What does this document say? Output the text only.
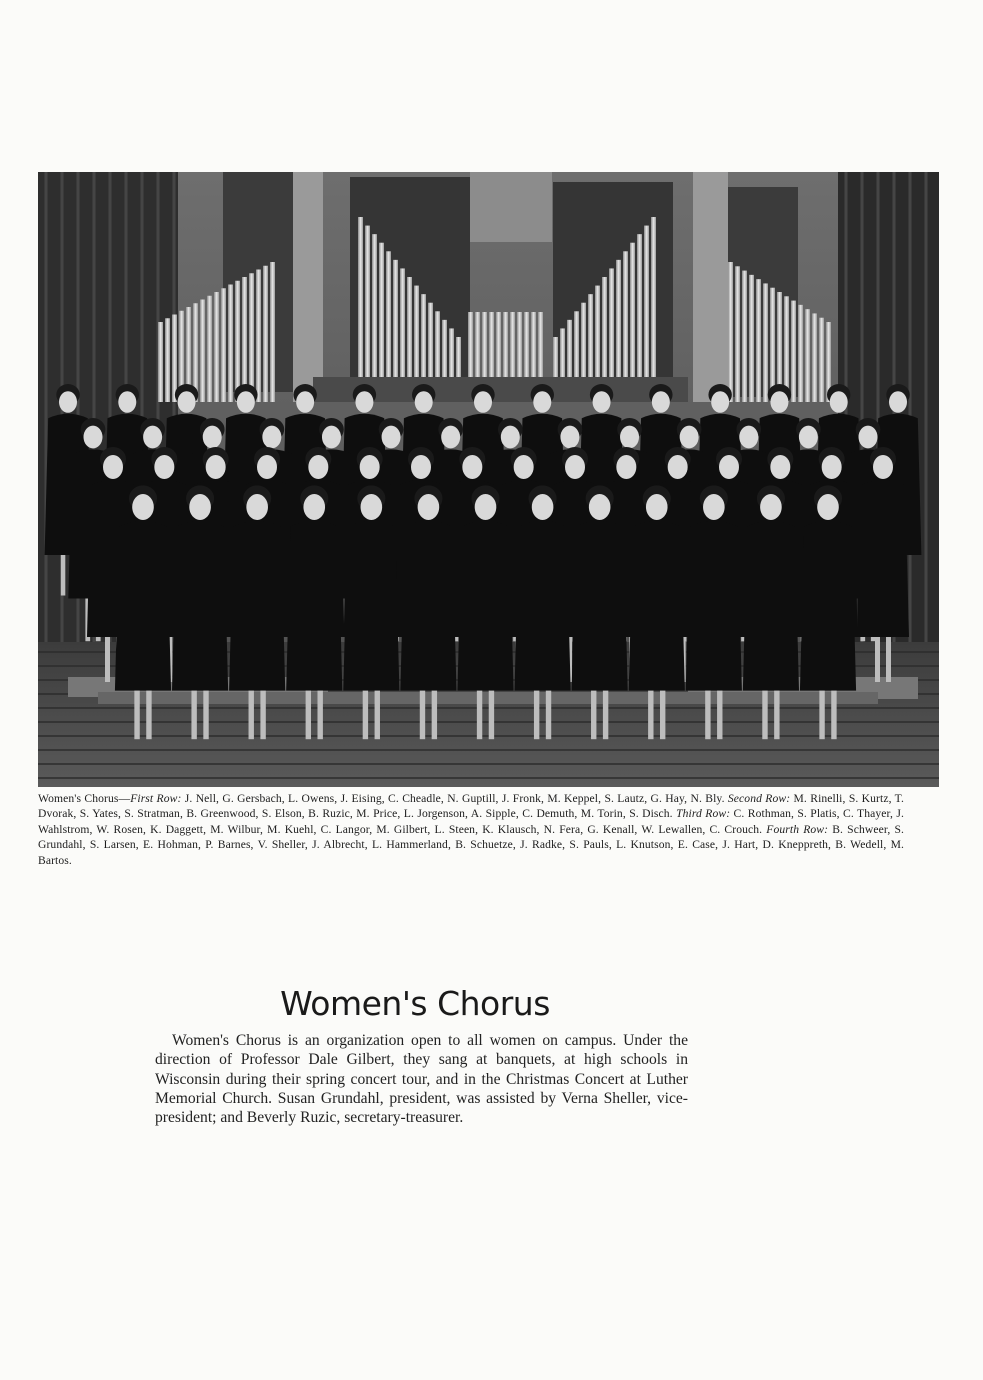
Women's Chorus—First Row: J. Nell, G. Gersbach, L. Owens, J. Eising, C. Cheadle, N. Guptill, J. Fronk, M. Keppel, S. Lautz, G. Hay, N. Bly. Second Row: M. Rinelli, S. Kurtz, T. Dvorak, S. Yates, S. Stratman, B. Greenwood, S. Elson, B. Ruzic, M. Price, L. Jorgenson, A. Sipple, C. Demuth, M. Torin, S. Disch. Third Row: C. Rothman, S. Platis, C. Thayer, J. Wahlstrom, W. Rosen, K. Daggett, M. Wilbur, M. Kuehl, C. Langor, M. Gilbert, L. Steen, K. Klausch, N. Fera, G. Kenall, W. Lewallen, C. Crouch. Fourth Row: B. Schweer, S. Grundahl, S. Larsen, E. Hohman, P. Barnes, V. Sheller, J. Albrecht, L. Hammerland, B. Schuetze, J. Radke, S. Pauls, L. Knutson, E. Case, J. Hart, D. Kneppreth, B. Wedell, M. Bartos.
Women's Chorus
Women's Chorus is an organization open to all women on campus. Under the direction of Professor Dale Gilbert, they sang at banquets, at high schools in Wisconsin during their spring concert tour, and in the Christmas Concert at Luther Memorial Church. Susan Grundahl, president, was assisted by Verna Sheller, vice-president; and Beverly Ruzic, secretary-treasurer.
